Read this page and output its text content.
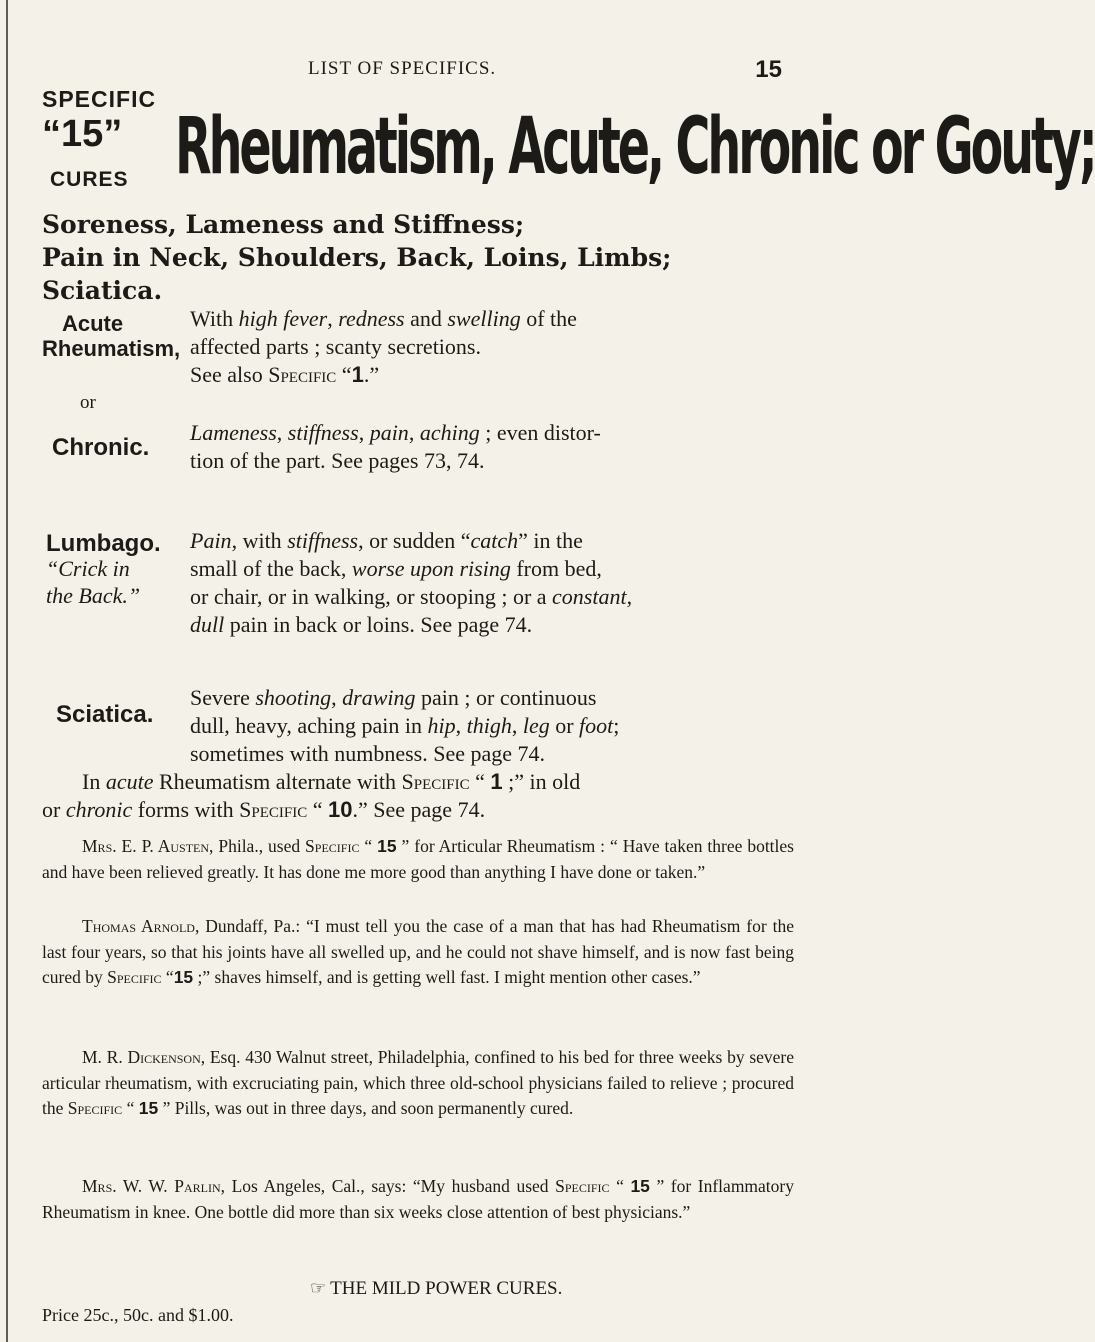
LIST OF SPECIFICS.	15
SPECIFIC
“15”
CURES Rheumatism, Acute, Chronic or Gouty;
Soreness, Lameness and Stiffness;
Pain in Neck, Shoulders, Back, Loins, Limbs;
Sciatica.
Acute
Rheumatism,
With high fever, redness and swelling of the
affected parts ; scanty secretions.
See also Specific “1.”
or
Chronic.
Lameness, stiffness, pain, aching ; even distor-
tion of the part. See pages 73, 74.
Lumbago.
“Crick in
the Back.”
Pain, with stiffness, or sudden “catch” in the
small of the back, worse upon rising from bed,
or chair, or in walking, or stooping ; or a constant,
dull pain in back or loins. See page 74.
Sciatica.
Severe shooting, drawing pain ; or continuous
dull, heavy, aching pain in hip, thigh, leg or foot;
sometimes with numbness. See page 74.
In acute Rheumatism alternate with Specific “ 1 ;” in old
or chronic forms with Specific “ 10.” See page 74.
Mrs. E. P. Austen, Phila., used Specific “ 15 ” for Articular Rheumatism : “ Have taken three bottles and have been relieved greatly. It has done me more good than anything I have done or taken.”
Thomas Arnold, Dundaff, Pa.: “I must tell you the case of a man that has had Rheumatism for the last four years, so that his joints have all swelled up, and he could not shave himself, and is now fast being cured by Specific “15 ;” shaves himself, and is getting well fast. I might mention other cases.”
M. R. Dickenson, Esq. 430 Walnut street, Philadelphia, confined to his bed for three weeks by severe articular rheumatism, with excruciating pain, which three old-school physicians failed to relieve ; procured the Specific “ 15 ” Pills, was out in three days, and soon permanently cured.
Mrs. W. W. Parlin, Los Angeles, Cal., says: “My husband used Specific “ 15 ” for Inflammatory Rheumatism in knee. One bottle did more than six weeks close attention of best physicians.”
☞ THE MILD POWER CURES.
Price 25c., 50c. and $1.00.
